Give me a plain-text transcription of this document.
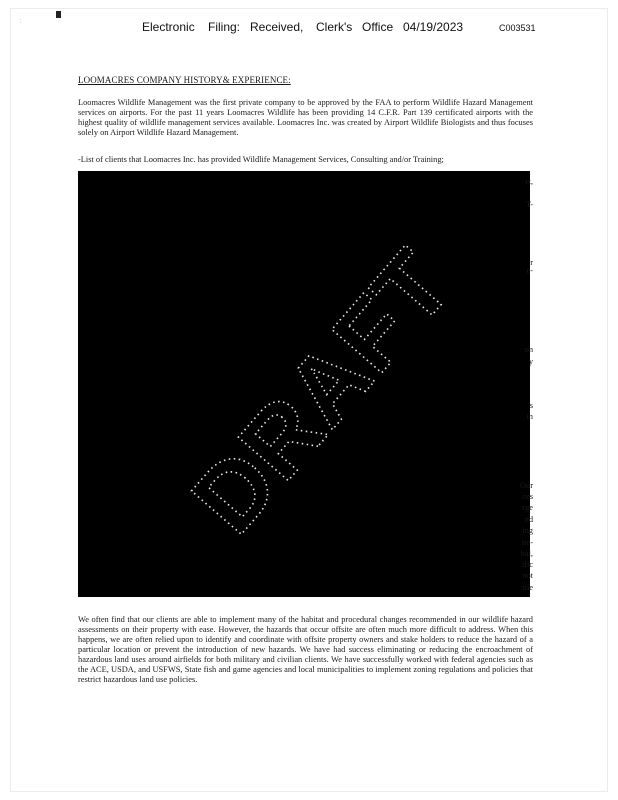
:	Electronic Filing: Received, Clerk's Office 04/19/2023	C003531
LOOMACRES COMPANY HISTORY& EXPERIENCE:

Loomacres Wildlife Management was the first private company to be approved by the FAA to perform Wildlife Hazard Management services on airports. For the past 11 years Loomacres Wildlife has been providing 14 C.F.R. Part 139 certificated airports with the highest quality of wildlife management services available. Loomacres Inc. was created by Airport Wildlife Biologists and thus focuses solely on Airport Wildlife Hazard Management.

-List of clients that Loomacres Inc. has provided Wildlife Management Services, Consulting and/or Training;

DRAFT
rt,
T-
r
e-
on
y
s
in
Our
ces
rge
nd
ing
ite-
bal,
ific
not
tile

We often find that our clients are able to implement many of the habitat and procedural changes recommended in our wildlife hazard assessments on their property with ease. However, the hazards that occur offsite are often much more difficult to address. When this happens, we are often relied upon to identify and coordinate with offsite property owners and stake holders to reduce the hazard of a particular location or prevent the introduction of new hazards. We have had success eliminating or reducing the encroachment of hazardous land uses around airfields for both military and civilian clients. We have successfully worked with federal agencies such as the ACE, USDA, and USFWS, State fish and game agencies and local municipalities to implement zoning regulations and policies that restrict hazardous land use policies.
